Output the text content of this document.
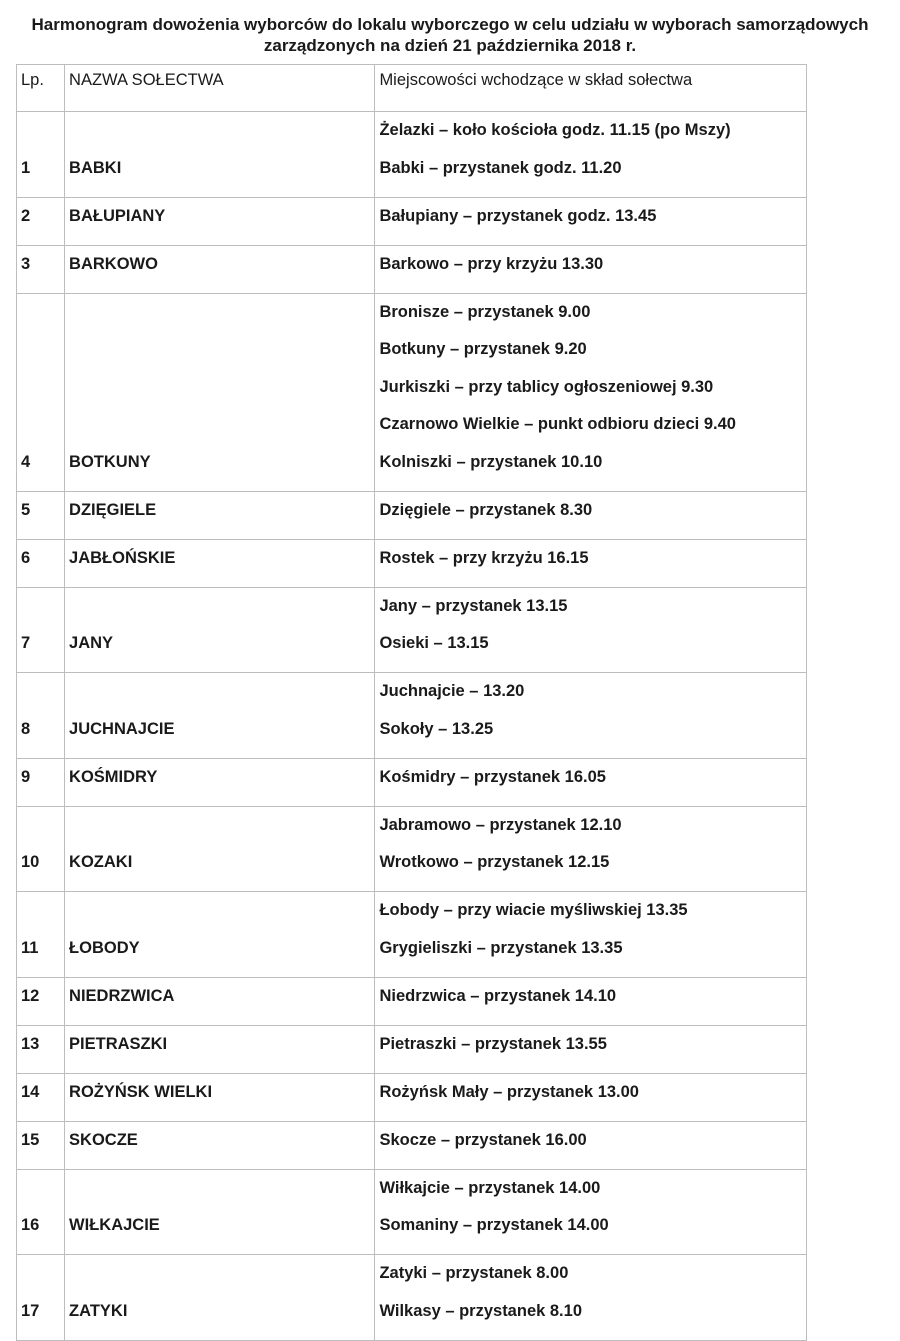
Harmonogram dowożenia wyborców do lokalu wyborczego w celu udziału w wyborach samorządowych
zarządzonych na dzień 21 października 2018 r.
Lp.	NAZWA SOŁECTWA	Miejscowości wchodzące w skład sołectwa

1	BABKI	Żelazki – koło kościoła godz. 11.15 (po Mszy)
Babki – przystanek godz. 11.20

2	BAŁUPIANY	Bałupiany – przystanek godz. 13.45

3	BARKOWO	Barkowo – przy krzyżu 13.30

4	BOTKUNY	Bronisze – przystanek 9.00
Botkuny – przystanek 9.20
Jurkiszki – przy tablicy ogłoszeniowej 9.30
Czarnowo Wielkie – punkt odbioru dzieci 9.40
Kolniszki – przystanek 10.10

5	DZIĘGIELE	Dzięgiele – przystanek 8.30

6	JABŁOŃSKIE	Rostek – przy krzyżu 16.15

7	JANY	Jany – przystanek 13.15
Osieki – 13.15

8	JUCHNAJCIE	Juchnajcie – 13.20
Sokoły – 13.25

9	KOŚMIDRY	Kośmidry – przystanek 16.05

10	KOZAKI	Jabramowo – przystanek 12.10
Wrotkowo – przystanek 12.15

11	ŁOBODY	Łobody – przy wiacie myśliwskiej 13.35
Grygieliszki – przystanek 13.35

12	NIEDRZWICA	Niedrzwica – przystanek 14.10

13	PIETRASZKI	Pietraszki – przystanek 13.55

14	ROŻYŃSK WIELKI	Rożyńsk Mały – przystanek 13.00

15	SKOCZE	Skocze – przystanek 16.00

16	WIŁKAJCIE	Wiłkajcie – przystanek 14.00
Somaniny – przystanek 14.00

17	ZATYKI	Zatyki – przystanek 8.00
Wilkasy – przystanek 8.10
